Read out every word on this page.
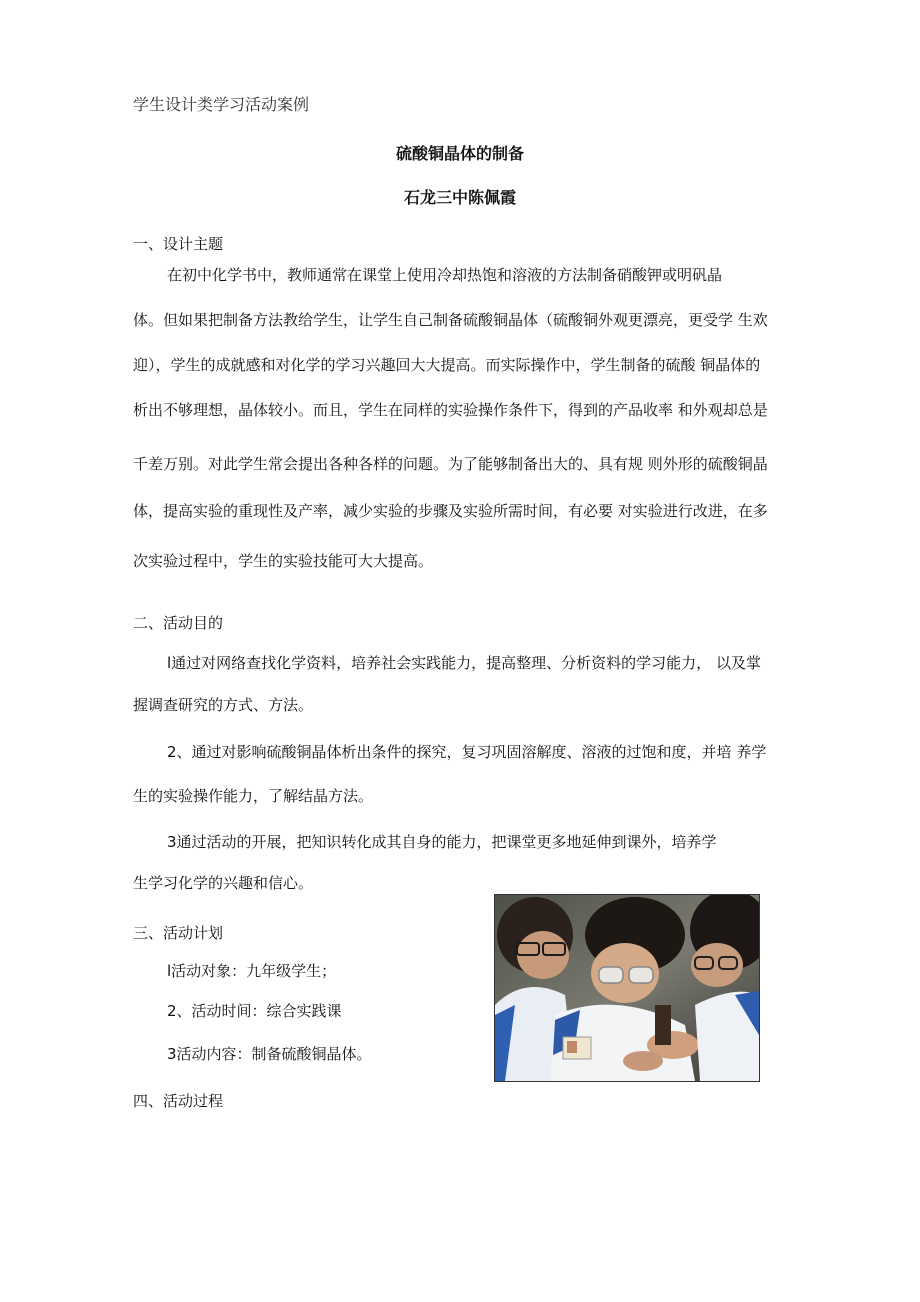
学生设计类学习活动案例
硫酸铜晶体的制备
石龙三中陈佩霞
一、设计主题
在初中化学书中，教师通常在课堂上使用冷却热饱和溶液的方法制备硝酸钾或明矾晶
体。但如果把制备方法教给学生，让学生自己制备硫酸铜晶体（硫酸铜外观更漂亮，更受学 生欢
迎），学生的成就感和对化学的学习兴趣回大大提高。而实际操作中，学生制备的硫酸 铜晶体的
析出不够理想，晶体较小。而且，学生在同样的实验操作条件下，得到的产品收率 和外观却总是
千差万别。对此学生常会提出各种各样的问题。为了能够制备出大的、具有规 则外形的硫酸铜晶
体，提高实验的重现性及产率，减少实验的步骤及实验所需时间，有必要 对实验进行改进，在多
次实验过程中，学生的实验技能可大大提高。
二、活动目的
l通过对网络查找化学资料，培养社会实践能力，提高整理、分析资料的学习能力， 以及掌
握调查研究的方式、方法。
2、通过对影响硫酸铜晶体析出条件的探究，复习巩固溶解度、溶液的过饱和度，并培 养学
生的实验操作能力，了解结晶方法。
3通过活动的开展，把知识转化成其自身的能力，把课堂更多地延伸到课外，培养学
生学习化学的兴趣和信心。
三、活动计划
l活动对象：九年级学生；
2、活动时间：综合实践课
3活动内容：制备硫酸铜晶体。
四、活动过程
